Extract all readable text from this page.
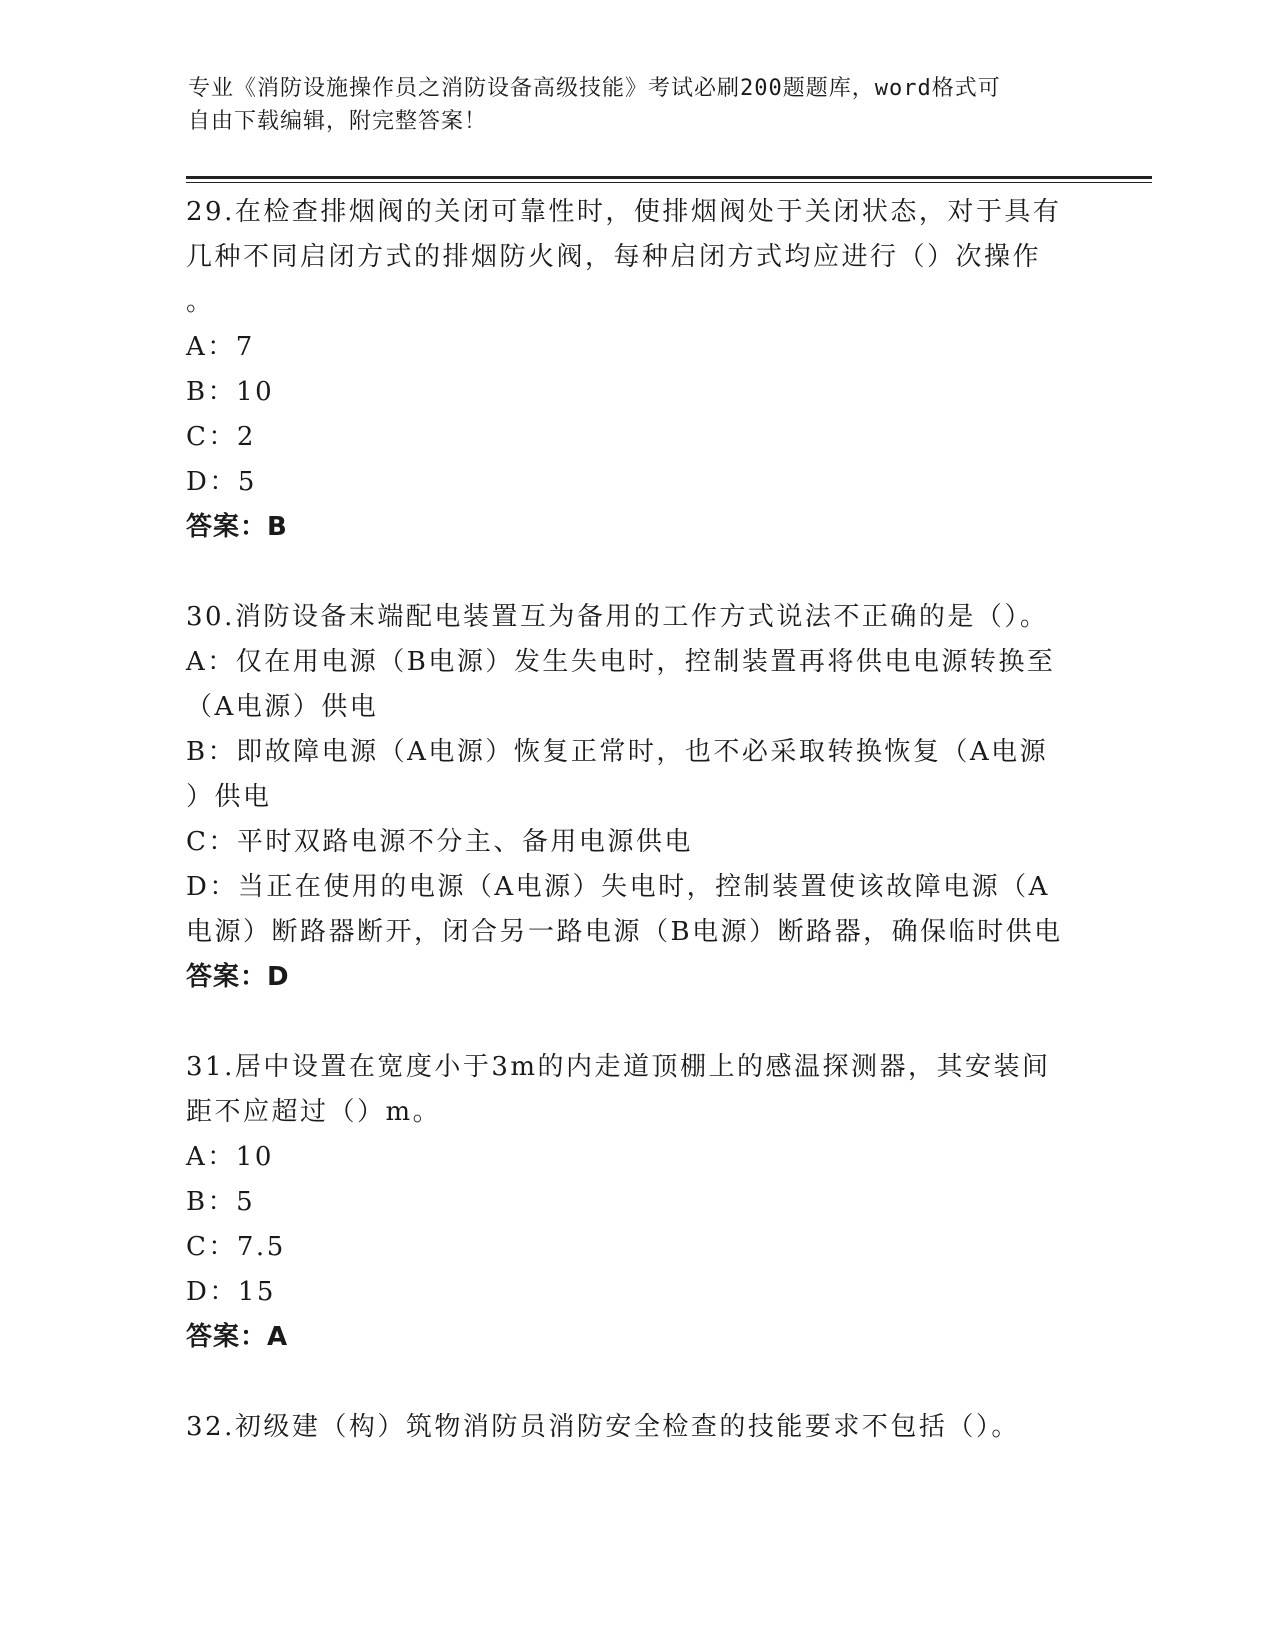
专业《消防设施操作员之消防设备高级技能》考试必刷200题题库，word格式可
自由下载编辑，附完整答案！
29.在检查排烟阀的关闭可靠性时，使排烟阀处于关闭状态，对于具有
几种不同启闭方式的排烟防火阀，每种启闭方式均应进行（）次操作
。
A：7
B：10
C：2
D：5
答案：B
30.消防设备末端配电装置互为备用的工作方式说法不正确的是（）。
A：仅在用电源（B电源）发生失电时，控制装置再将供电电源转换至
（A电源）供电
B：即故障电源（A电源）恢复正常时，也不必采取转换恢复（A电源
）供电
C：平时双路电源不分主、备用电源供电
D：当正在使用的电源（A电源）失电时，控制装置使该故障电源（A
电源）断路器断开，闭合另一路电源（B电源）断路器，确保临时供电
答案：D
31.居中设置在宽度小于3m的内走道顶棚上的感温探测器，其安装间
距不应超过（）m。
A：10
B：5
C：7.5
D：15
答案：A
32.初级建（构）筑物消防员消防安全检查的技能要求不包括（）。
